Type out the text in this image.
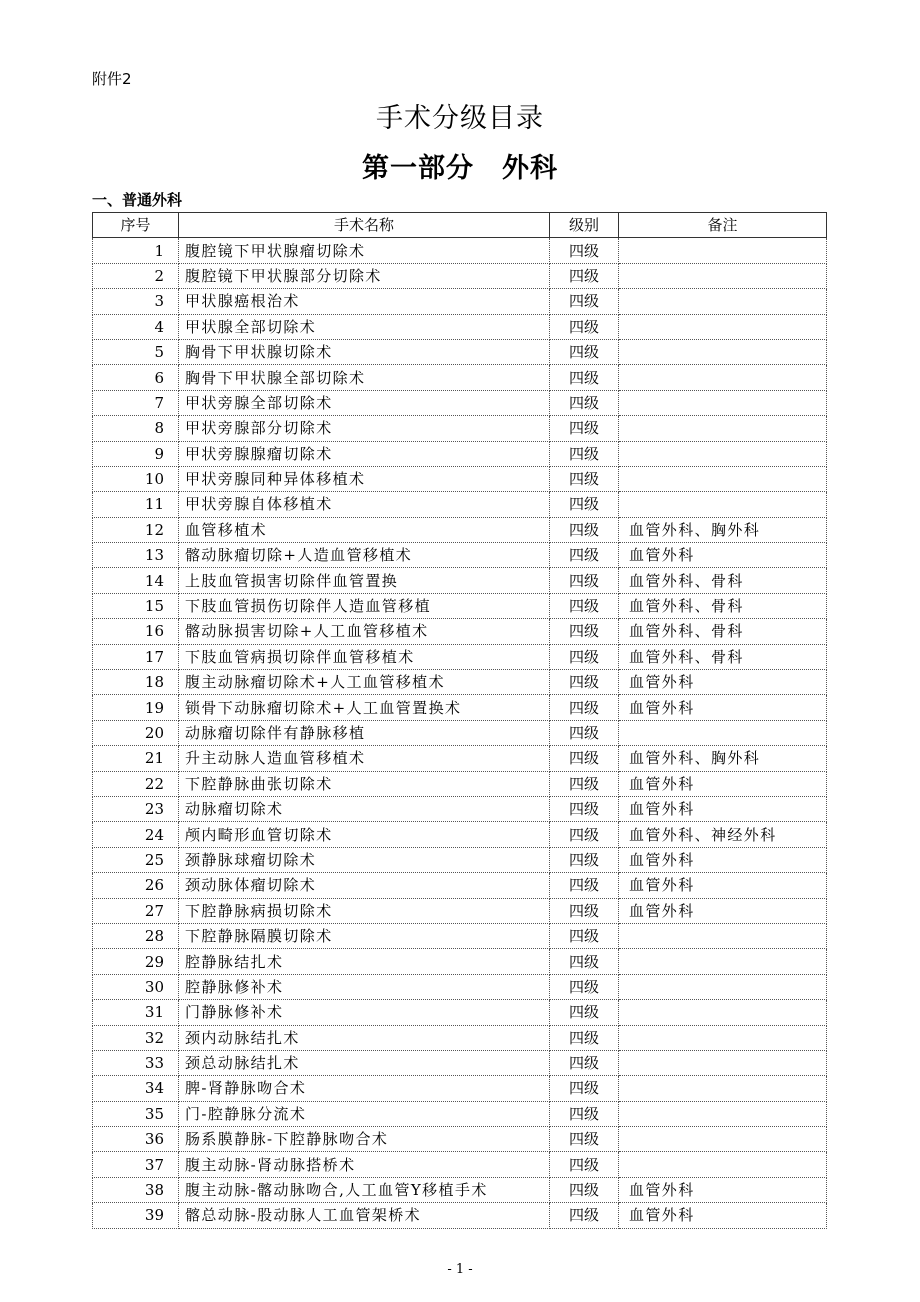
附件2
手术分级目录
第一部分　外科
一、普通外科
序号	手术名称	级别	备注
1	腹腔镜下甲状腺瘤切除术	四级	
2	腹腔镜下甲状腺部分切除术	四级	
3	甲状腺癌根治术	四级	
4	甲状腺全部切除术	四级	
5	胸骨下甲状腺切除术	四级	
6	胸骨下甲状腺全部切除术	四级	
7	甲状旁腺全部切除术	四级	
8	甲状旁腺部分切除术	四级	
9	甲状旁腺腺瘤切除术	四级	
10	甲状旁腺同种异体移植术	四级	
11	甲状旁腺自体移植术	四级	
12	血管移植术	四级	血管外科、胸外科
13	髂动脉瘤切除+人造血管移植术	四级	血管外科
14	上肢血管损害切除伴血管置换	四级	血管外科、骨科
15	下肢血管损伤切除伴人造血管移植	四级	血管外科、骨科
16	髂动脉损害切除+人工血管移植术	四级	血管外科、骨科
17	下肢血管病损切除伴血管移植术	四级	血管外科、骨科
18	腹主动脉瘤切除术+人工血管移植术	四级	血管外科
19	锁骨下动脉瘤切除术+人工血管置换术	四级	血管外科
20	动脉瘤切除伴有静脉移植	四级	
21	升主动脉人造血管移植术	四级	血管外科、胸外科
22	下腔静脉曲张切除术	四级	血管外科
23	动脉瘤切除术	四级	血管外科
24	颅内畸形血管切除术	四级	血管外科、神经外科
25	颈静脉球瘤切除术	四级	血管外科
26	颈动脉体瘤切除术	四级	血管外科
27	下腔静脉病损切除术	四级	血管外科
28	下腔静脉隔膜切除术	四级	
29	腔静脉结扎术	四级	
30	腔静脉修补术	四级	
31	门静脉修补术	四级	
32	颈内动脉结扎术	四级	
33	颈总动脉结扎术	四级	
34	脾-肾静脉吻合术	四级	
35	门-腔静脉分流术	四级	
36	肠系膜静脉-下腔静脉吻合术	四级	
37	腹主动脉-肾动脉搭桥术	四级	
38	腹主动脉-髂动脉吻合,人工血管Y移植手术	四级	血管外科
39	髂总动脉-股动脉人工血管架桥术	四级	血管外科
- 1 -
